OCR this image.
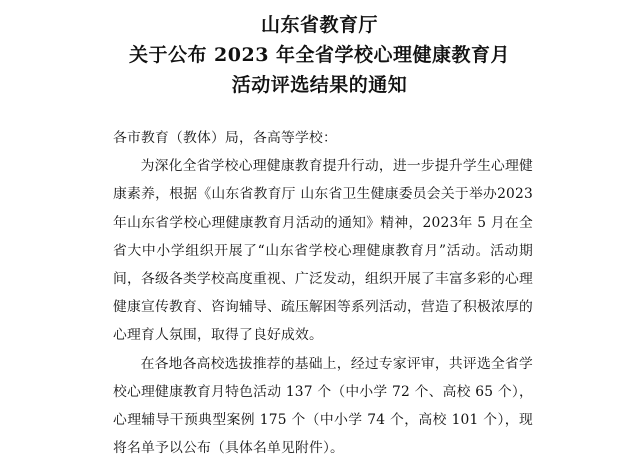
山东省教育厅
关于公布 2023 年全省学校心理健康教育月
活动评选结果的通知

各市教育（教体）局，各高等学校：

为深化全省学校心理健康教育提升行动，进一步提升学生心理健康素养，根据《山东省教育厅 山东省卫生健康委员会关于举办2023年山东省学校心理健康教育月活动的通知》精神，2023年 5 月在全省大中小学组织开展了“山东省学校心理健康教育月”活动。活动期间，各级各类学校高度重视、广泛发动，组织开展了丰富多彩的心理健康宣传教育、咨询辅导、疏压解困等系列活动，营造了积极浓厚的心理育人氛围，取得了良好成效。

在各地各高校选拔推荐的基础上，经过专家评审，共评选全省学校心理健康教育月特色活动 137 个（中小学 72 个、高校 65 个），心理辅导干预典型案例 175 个（中小学 74 个，高校 101 个），现将名单予以公布（具体名单见附件）。
